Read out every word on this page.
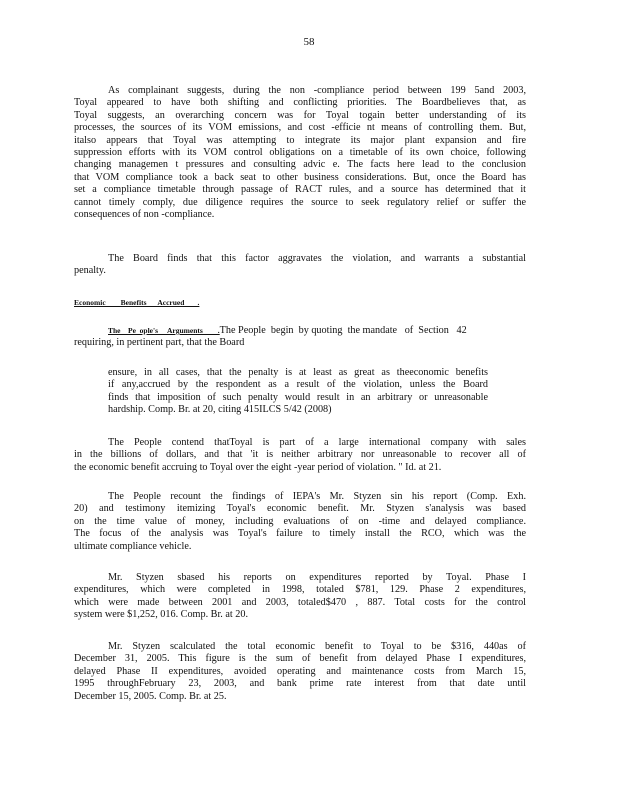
58
As complainant suggests, during the non -compliance period between 199 5and 2003,
Toyal appeared to have both shifting and conflicting priorities. The Boardbelieves that, as
Toyal suggests, an overarching concern was for Toyal togain better understanding of its
processes, the sources of its VOM emissions, and cost -efficie nt means of controlling them. But,
italso appears that Toyal was attempting to integrate its major plant expansion and fire
suppression efforts with its VOM control obligations on a timetable of its own choice, following
changing managemen t pressures and consulting advic e. The facts here lead to the conclusion
that VOM compliance took a back seat to other business considerations. But, once the Board has
set a compliance timetable through passage of RACT rules, and a source has determined that it
cannot timely comply, due diligence requires the source to seek regulatory relief or suffer the
consequences of non -compliance.
The Board finds that this factor aggravates the violation, and warrants a substantial
penalty.
Economic        Benefits      Accrued       .
The    Pe  ople's     Arguments        .The People  begin  by quoting  the mandate   of  Section   42
requiring, in pertinent part, that the Board
ensure, in all cases, that the penalty is at least as great as theeconomic benefits
if any,accrued by the respondent as a result of the violation, unless the Board
finds that imposition of such penalty would result in an arbitrary or unreasonable
hardship. Comp. Br. at 20, citing 415ILCS 5/42 (2008)
The People contend thatToyal is part of a large international company with sales
in the billions of dollars, and that 'it is neither arbitrary nor unreasonable to recover all of
the economic benefit accruing to Toyal over the eight -year period of violation. " Id. at 21.
The People recount the findings of IEPA's Mr. Styzen sin his report (Comp. Exh.
20) and testimony itemizing Toyal's economic benefit. Mr. Styzen s'analysis was based
on the time value of money, including evaluations of on -time and delayed compliance.
The focus of the analysis was Toyal's failure to timely install the RCO, which was the
ultimate compliance vehicle.
Mr. Styzen sbased his reports on expenditures reported by Toyal. Phase I
expenditures, which were completed in 1998, totaled $781, 129. Phase 2 expenditures,
which were made between 2001 and 2003, totaled$470 , 887. Total costs for the control
system were $1,252, 016. Comp. Br. at 20.
Mr. Styzen scalculated the total economic benefit to Toyal to be $316, 440as of
December 31, 2005. This figure is the sum of benefit from delayed Phase I expenditures,
delayed Phase II expenditures, avoided operating and maintenance costs from March 15,
1995 throughFebruary 23, 2003, and bank prime rate interest from that date until
December 15, 2005. Comp. Br. at 25.
